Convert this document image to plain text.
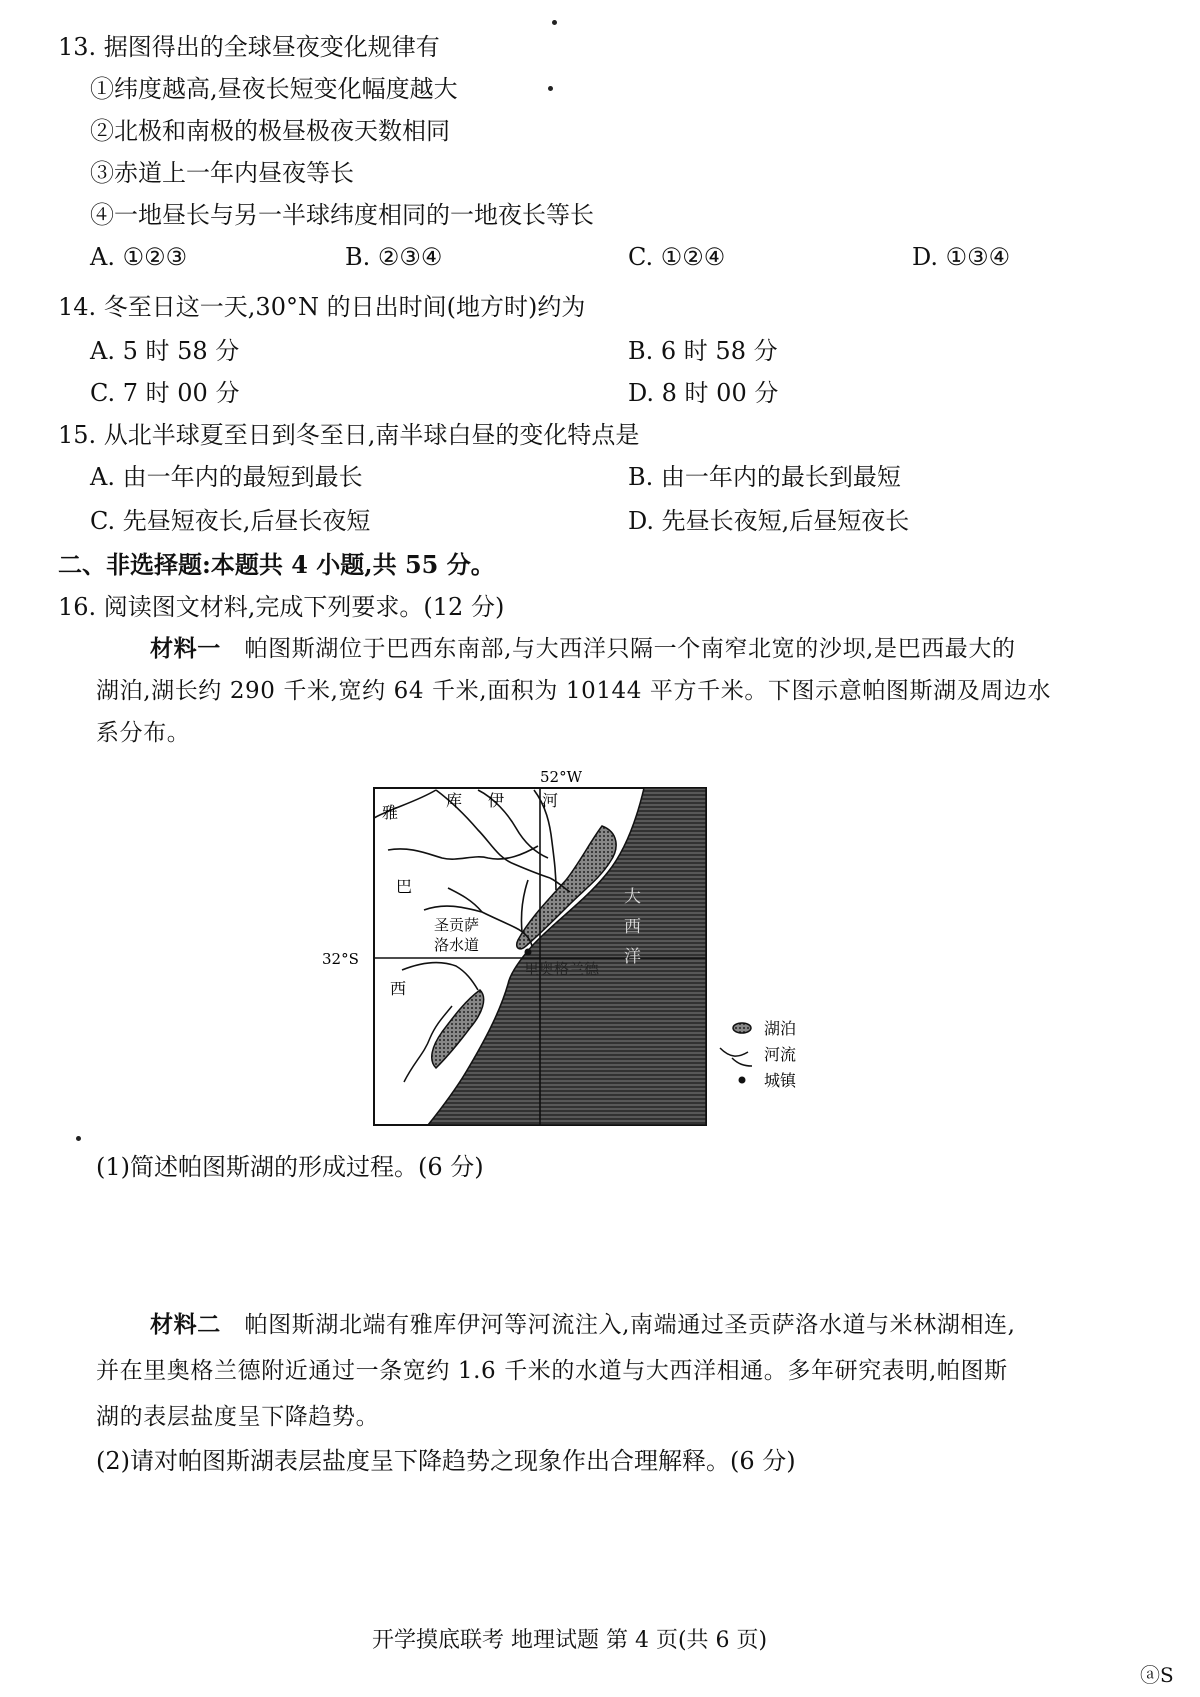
13. 据图得出的全球昼夜变化规律有
①纬度越高,昼夜长短变化幅度越大
②北极和南极的极昼极夜天数相同
③赤道上一年内昼夜等长
④一地昼长与另一半球纬度相同的一地夜长等长
A. ①②③	B. ②③④	C. ①②④	D. ①③④
14. 冬至日这一天,30°N 的日出时间(地方时)约为
A. 5 时 58 分	B. 6 时 58 分
C. 7 时 00 分	D. 8 时 00 分
15. 从北半球夏至日到冬至日,南半球白昼的变化特点是
A. 由一年内的最短到最长	B. 由一年内的最长到最短
C. 先昼短夜长,后昼长夜短	D. 先昼长夜短,后昼短夜长
二、非选择题:本题共 4 小题,共 55 分。
16. 阅读图文材料,完成下列要求。(12 分)
材料一 帕图斯湖位于巴西东南部,与大西洋只隔一个南窄北宽的沙坝,是巴西最大的
湖泊,湖长约 290 千米,宽约 64 千米,面积为 10144 平方千米。下图示意帕图斯湖及周边水
系分布。
52°W
32°S
雅
库 伊 河
巴
西
圣贡萨
洛水道
里奥格兰德
大
西
洋
湖泊
河流
城镇
(1)简述帕图斯湖的形成过程。(6 分)
材料二 帕图斯湖北端有雅库伊河等河流注入,南端通过圣贡萨洛水道与米林湖相连,
并在里奥格兰德附近通过一条宽约 1.6 千米的水道与大西洋相通。多年研究表明,帕图斯
湖的表层盐度呈下降趋势。
(2)请对帕图斯湖表层盐度呈下降趋势之现象作出合理解释。(6 分)
开学摸底联考 地理试题 第 4 页(共 6 页)
ⓐS
